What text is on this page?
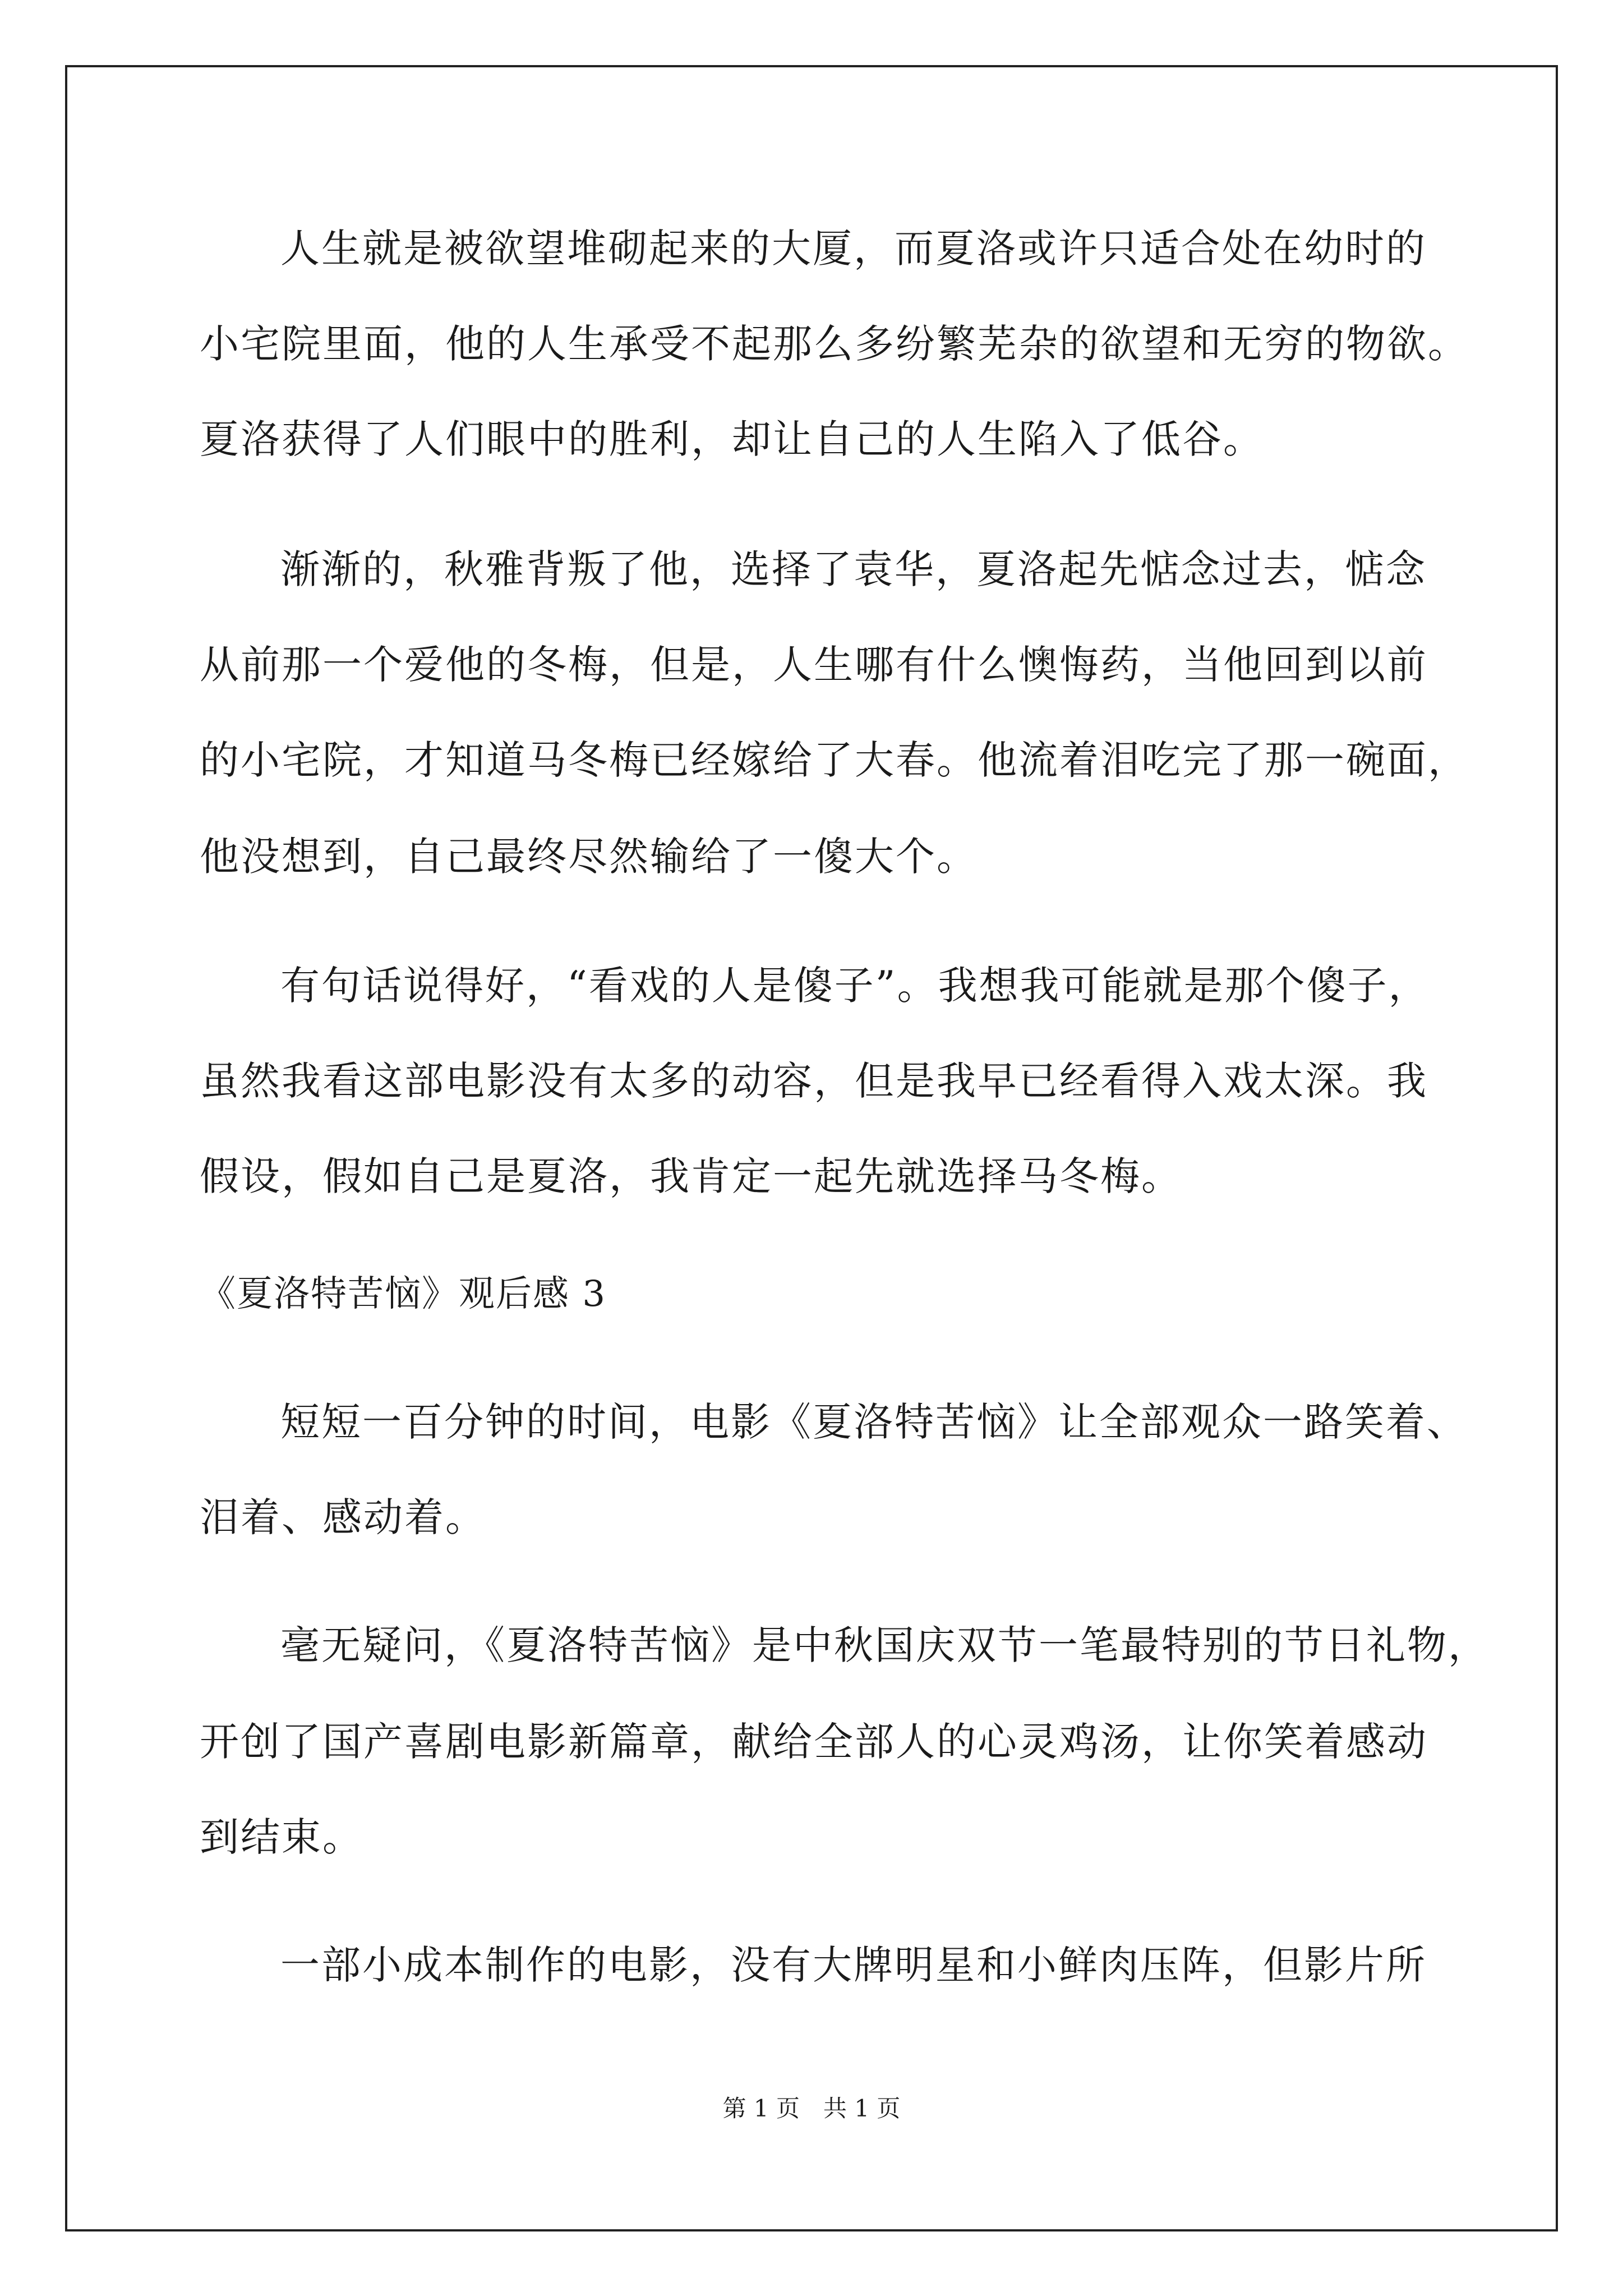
人生就是被欲望堆砌起来的大厦，而夏洛或许只适合处在幼时的
小宅院里面，他的人生承受不起那么多纷繁芜杂的欲望和无穷的物欲。
夏洛获得了人们眼中的胜利，却让自己的人生陷入了低谷。
渐渐的，秋雅背叛了他，选择了袁华，夏洛起先惦念过去，惦念
从前那一个爱他的冬梅，但是，人生哪有什么懊悔药，当他回到以前
的小宅院，才知道马冬梅已经嫁给了大春。他流着泪吃完了那一碗面，
他没想到，自己最终尽然输给了一傻大个。
有句话说得好，“看戏的人是傻子”。我想我可能就是那个傻子，
虽然我看这部电影没有太多的动容，但是我早已经看得入戏太深。我
假设，假如自己是夏洛，我肯定一起先就选择马冬梅。
《夏洛特苦恼》观后感 3
短短一百分钟的时间，电影《夏洛特苦恼》让全部观众一路笑着、
泪着、感动着。
毫无疑问，《夏洛特苦恼》是中秋国庆双节一笔最特别的节日礼物，
开创了国产喜剧电影新篇章，献给全部人的心灵鸡汤，让你笑着感动
到结束。
一部小成本制作的电影，没有大牌明星和小鲜肉压阵，但影片所
第 1 页　共 1 页
